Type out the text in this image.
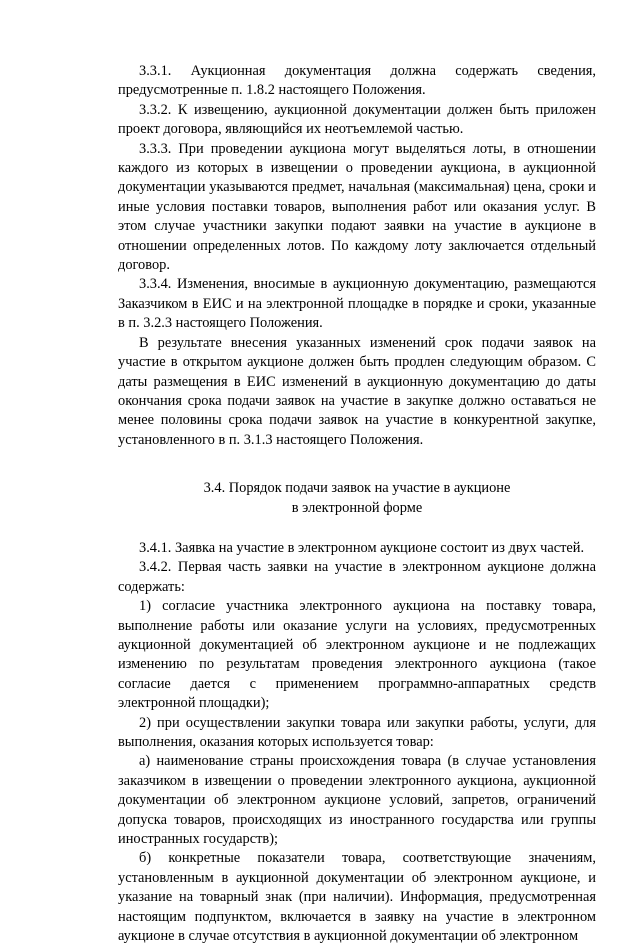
3.3.1. Аукционная документация должна содержать сведения, предусмотренные п. 1.8.2 настоящего Положения.

3.3.2. К извещению, аукционной документации должен быть приложен проект договора, являющийся их неотъемлемой частью.

3.3.3. При проведении аукциона могут выделяться лоты, в отношении каждого из которых в извещении о проведении аукциона, в аукционной документации указываются предмет, начальная (максимальная) цена, сроки и иные условия поставки товаров, выполнения работ или оказания услуг. В этом случае участники закупки подают заявки на участие в аукционе в отношении определенных лотов. По каждому лоту заключается отдельный договор.

3.3.4. Изменения, вносимые в аукционную документацию, размещаются Заказчиком в ЕИС и на электронной площадке в порядке и сроки, указанные в п. 3.2.3 настоящего Положения.

В результате внесения указанных изменений срок подачи заявок на участие в открытом аукционе должен быть продлен следующим образом. С даты размещения в ЕИС изменений в аукционную документацию до даты окончания срока подачи заявок на участие в закупке должно оставаться не менее половины срока подачи заявок на участие в конкурентной закупке, установленного в п. 3.1.3 настоящего Положения.

3.4. Порядок подачи заявок на участие в аукционе
в электронной форме

3.4.1. Заявка на участие в электронном аукционе состоит из двух частей.

3.4.2. Первая часть заявки на участие в электронном аукционе должна содержать:

1) согласие участника электронного аукциона на поставку товара, выполнение работы или оказание услуги на условиях, предусмотренных аукционной документацией об электронном аукционе и не подлежащих изменению по результатам проведения электронного аукциона (такое согласие дается с применением программно-аппаратных средств электронной площадки);

2) при осуществлении закупки товара или закупки работы, услуги, для выполнения, оказания которых используется товар:

а) наименование страны происхождения товара (в случае установления заказчиком в извещении о проведении электронного аукциона, аукционной документации об электронном аукционе условий, запретов, ограничений допуска товаров, происходящих из иностранного государства или группы иностранных государств);

б) конкретные показатели товара, соответствующие значениям, установленным в аукционной документации об электронном аукционе, и указание на товарный знак (при наличии). Информация, предусмотренная настоящим подпунктом, включается в заявку на участие в электронном аукционе в случае отсутствия в аукционной документации об электронном
